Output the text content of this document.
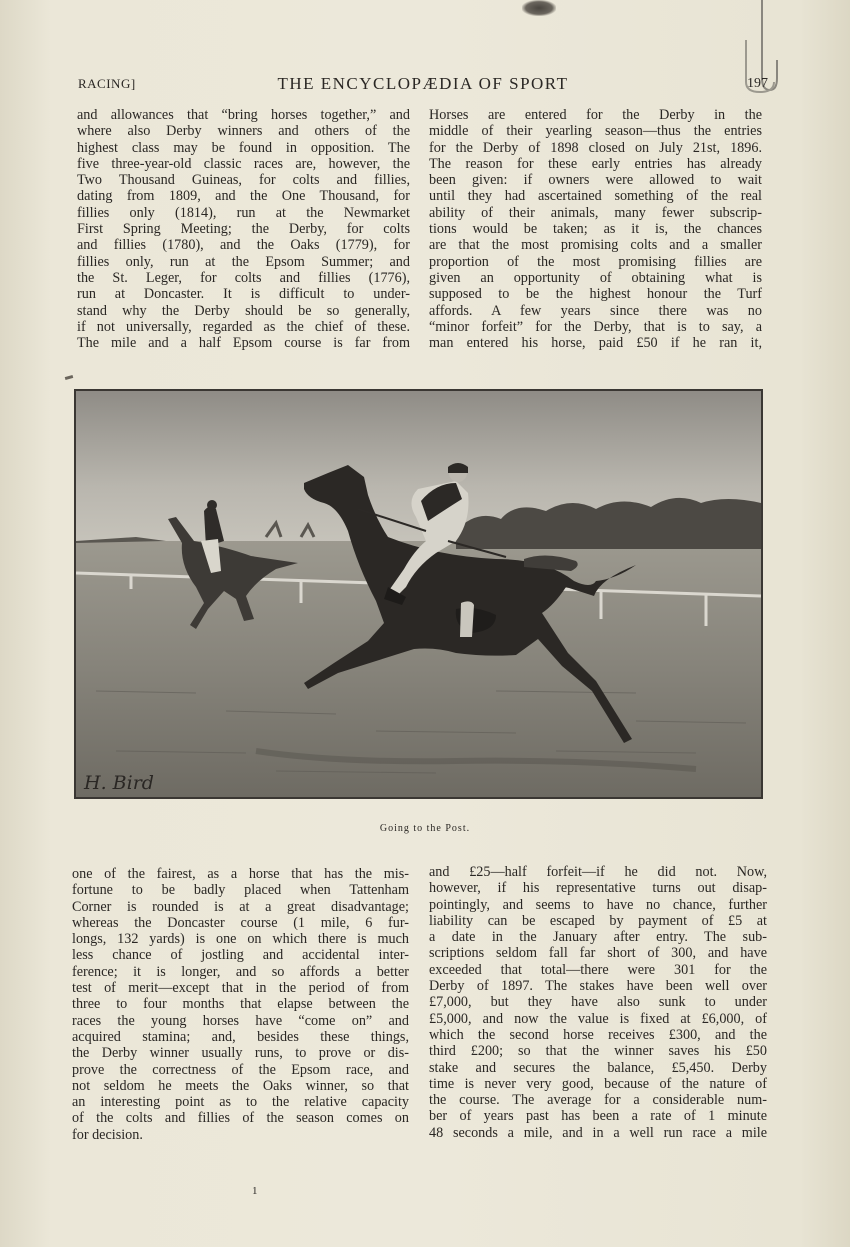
RACING]	THE ENCYCLOPÆDIA OF SPORT	197

and allowances that “bring horses together,” and
where also Derby winners and others of the
highest class may be found in opposition. The
five three-year-old classic races are, however, the
Two Thousand Guineas, for colts and fillies,
dating from 1809, and the One Thousand, for
fillies only (1814), run at the Newmarket
First Spring Meeting; the Derby, for colts
and fillies (1780), and the Oaks (1779), for
fillies only, run at the Epsom Summer; and
the St. Leger, for colts and fillies (1776),
run at Doncaster. It is difficult to under-
stand why the Derby should be so generally,
if not universally, regarded as the chief of these.
The mile and a half Epsom course is far from

Horses are entered for the Derby in the
middle of their yearling season—thus the entries
for the Derby of 1898 closed on July 21st, 1896.
The reason for these early entries has already
been given: if owners were allowed to wait
until they had ascertained something of the real
ability of their animals, many fewer subscrip-
tions would be taken; as it is, the chances
are that the most promising colts and a smaller
proportion of the most promising fillies are
given an opportunity of obtaining what is
supposed to be the highest honour the Turf
affords. A few years since there was no
“minor forfeit” for the Derby, that is to say, a
man entered his horse, paid £50 if he ran it,

H. Bird
Going to the Post.

one of the fairest, as a horse that has the mis-
fortune to be badly placed when Tattenham
Corner is rounded is at a great disadvantage;
whereas the Doncaster course (1 mile, 6 fur-
longs, 132 yards) is one on which there is much
less chance of jostling and accidental inter-
ference; it is longer, and so affords a better
test of merit—except that in the period of from
three to four months that elapse between the
races the young horses have “come on” and
acquired stamina; and, besides these things,
the Derby winner usually runs, to prove or dis-
prove the correctness of the Epsom race, and
not seldom he meets the Oaks winner, so that
an interesting point as to the relative capacity
of the colts and fillies of the season comes on
for decision.

and £25—half forfeit—if he did not. Now,
however, if his representative turns out disap-
pointingly, and seems to have no chance, further
liability can be escaped by payment of £5 at
a date in the January after entry. The sub-
scriptions seldom fall far short of 300, and have
exceeded that total—there were 301 for the
Derby of 1897. The stakes have been well over
£7,000, but they have also sunk to under
£5,000, and now the value is fixed at £6,000, of
which the second horse receives £300, and the
third £200; so that the winner saves his £50
stake and secures the balance, £5,450. Derby
time is never very good, because of the nature of
the course. The average for a considerable num-
ber of years past has been a rate of 1 minute
48 seconds a mile, and in a well run race a mile

1
